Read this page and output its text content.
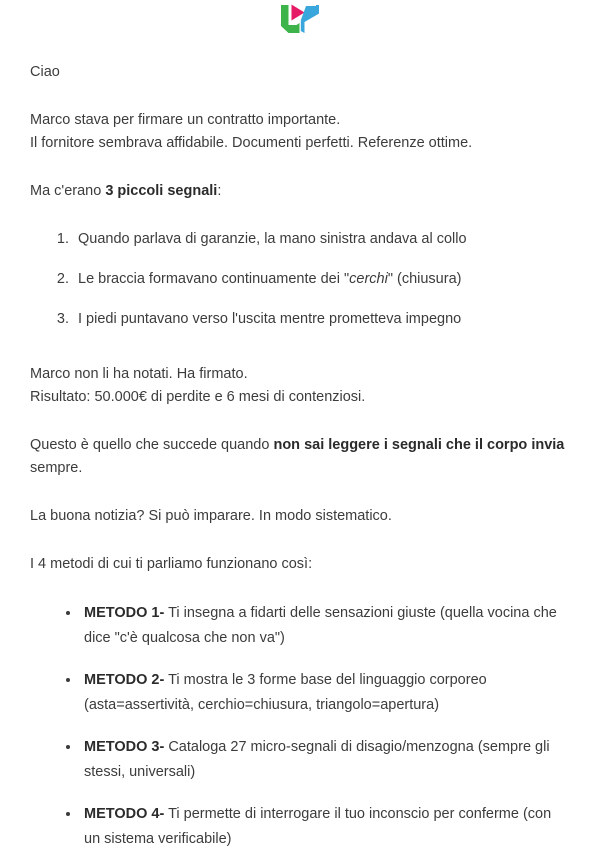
Ciao

Marco stava per firmare un contratto importante.
Il fornitore sembrava affidabile. Documenti perfetti. Referenze ottime.

Ma c'erano 3 piccoli segnali:

1. Quando parlava di garanzie, la mano sinistra andava al collo
2. Le braccia formavano continuamente dei "cerchi" (chiusura)
3. I piedi puntavano verso l'uscita mentre prometteva impegno

Marco non li ha notati. Ha firmato.
Risultato: 50.000€ di perdite e 6 mesi di contenziosi.

Questo è quello che succede quando non sai leggere i segnali che il corpo invia sempre.

La buona notizia? Si può imparare. In modo sistematico.

I 4 metodi di cui ti parliamo funzionano così:

• METODO 1- Ti insegna a fidarti delle sensazioni giuste (quella vocina che dice "c'è qualcosa che non va")
• METODO 2- Ti mostra le 3 forme base del linguaggio corporeo (asta=assertività, cerchio=chiusura, triangolo=apertura)
• METODO 3- Cataloga 27 micro-segnali di disagio/menzogna (sempre gli stessi, universali)
• METODO 4- Ti permette di interrogare il tuo inconscio per conferme (con un sistema verificabile)
